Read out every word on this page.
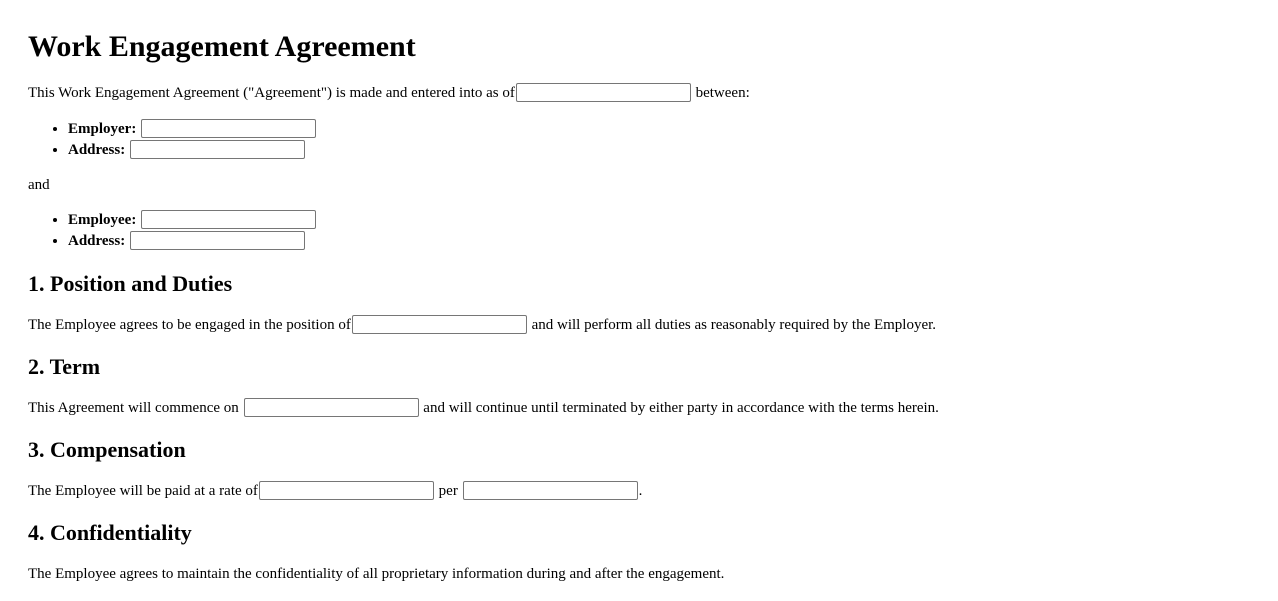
Work Engagement Agreement

This Work Engagement Agreement ("Agreement") is made and entered into as of	between:

• Employer:
• Address:

and

• Employee:
• Address:
1. Position and Duties

The Employee agrees to be engaged in the position of	and will perform all duties as reasonably required by the Employer.

2. Term

This Agreement will commence on	and will continue until terminated by either party in accordance with the terms herein.

3. Compensation

The Employee will be paid at a rate of	per	.

4. Confidentiality

The Employee agrees to maintain the confidentiality of all proprietary information during and after the engagement.
